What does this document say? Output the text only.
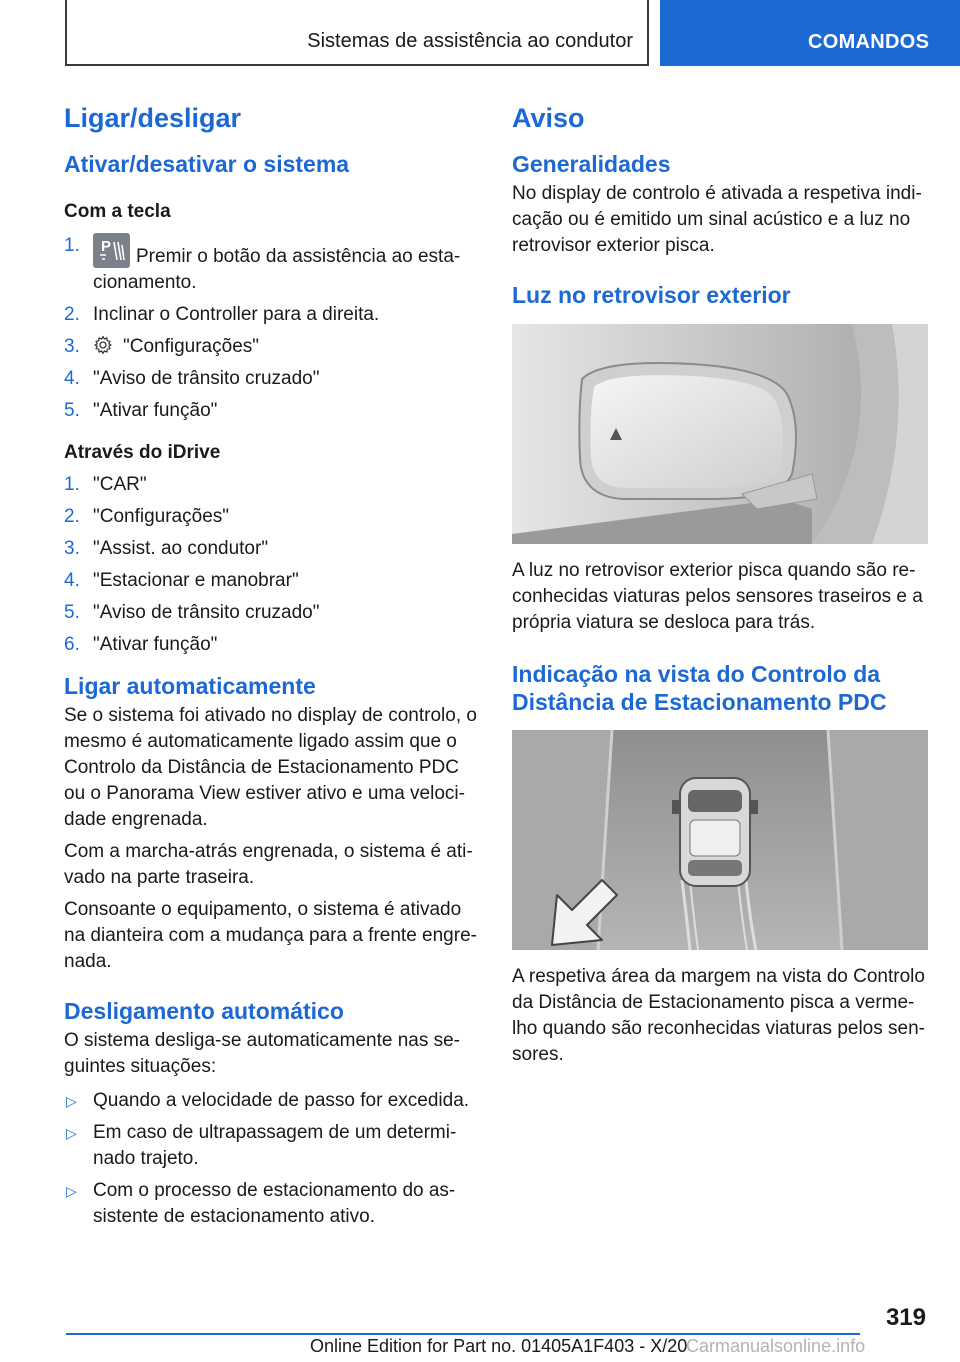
Sistemas de assistência ao condutor	COMANDOS
Ligar/desligar
Ativar/desativar o sistema
Com a tecla
1. P Premir o botão da assistência ao esta-cionamento.
2. Inclinar o Controller para a direita.
3. "Configurações"
4. "Aviso de trânsito cruzado"
5. "Ativar função"
Através do iDrive
1. "CAR"
2. "Configurações"
3. "Assist. ao condutor"
4. "Estacionar e manobrar"
5. "Aviso de trânsito cruzado"
6. "Ativar função"
Ligar automaticamente

Se o sistema foi ativado no display de controlo, o mesmo é automaticamente ligado assim que o Controlo da Distância de Estacionamento PDC ou o Panorama View estiver ativo e uma veloci-dade engrenada.

Com a marcha-atrás engrenada, o sistema é ati-vado na parte traseira.

Consoante o equipamento, o sistema é ativado na dianteira com a mudança para a frente engre-nada.

Desligamento automático

O sistema desliga-se automaticamente nas se-guintes situações:

▷ Quando a velocidade de passo for excedida.
▷ Em caso de ultrapassagem de um determi-nado trajeto.
▷ Com o processo de estacionamento do as-sistente de estacionamento ativo.
Aviso
Generalidades

No display de controlo é ativada a respetiva indi-cação ou é emitido um sinal acústico e a luz no retrovisor exterior pisca.

Luz no retrovisor exterior

A luz no retrovisor exterior pisca quando são re-conhecidas viaturas pelos sensores traseiros e a própria viatura se desloca para trás.

Indicação na vista do Controlo da Distância de Estacionamento PDC

A respetiva área da margem na vista do Controlo da Distância de Estacionamento pisca a verme-lho quando são reconhecidas viaturas pelos sen-sores.

319
Online Edition for Part no. 01405A1F403 - X/20
Carmanualsonline.info
